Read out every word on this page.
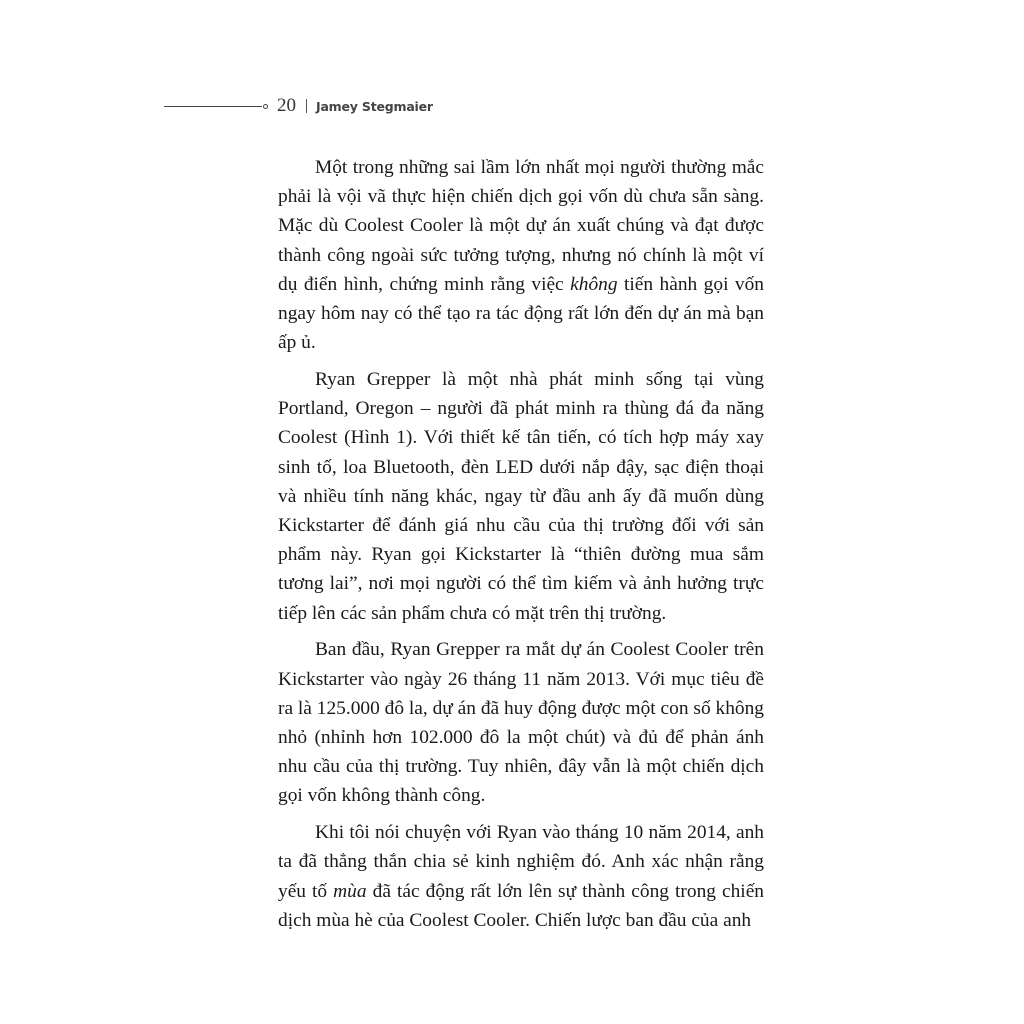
20 Jamey Stegmaier

Một trong những sai lầm lớn nhất mọi người thường mắc phải là vội vã thực hiện chiến dịch gọi vốn dù chưa sẵn sàng. Mặc dù Coolest Cooler là một dự án xuất chúng và đạt được thành công ngoài sức tưởng tượng, nhưng nó chính là một ví dụ điển hình, chứng minh rằng việc không tiến hành gọi vốn ngay hôm nay có thể tạo ra tác động rất lớn đến dự án mà bạn ấp ủ.

Ryan Grepper là một nhà phát minh sống tại vùng Portland, Oregon – người đã phát minh ra thùng đá đa năng Coolest (Hình 1). Với thiết kế tân tiến, có tích hợp máy xay sinh tố, loa Bluetooth, đèn LED dưới nắp đậy, sạc điện thoại và nhiều tính năng khác, ngay từ đầu anh ấy đã muốn dùng Kickstarter để đánh giá nhu cầu của thị trường đối với sản phẩm này. Ryan gọi Kickstarter là “thiên đường mua sắm tương lai”, nơi mọi người có thể tìm kiếm và ảnh hưởng trực tiếp lên các sản phẩm chưa có mặt trên thị trường.

Ban đầu, Ryan Grepper ra mắt dự án Coolest Cooler trên Kickstarter vào ngày 26 tháng 11 năm 2013. Với mục tiêu đề ra là 125.000 đô la, dự án đã huy động được một con số không nhỏ (nhỉnh hơn 102.000 đô la một chút) và đủ để phản ánh nhu cầu của thị trường. Tuy nhiên, đây vẫn là một chiến dịch gọi vốn không thành công.

Khi tôi nói chuyện với Ryan vào tháng 10 năm 2014, anh ta đã thẳng thắn chia sẻ kinh nghiệm đó. Anh xác nhận rằng yếu tố mùa đã tác động rất lớn lên sự thành công trong chiến dịch mùa hè của Coolest Cooler. Chiến lược ban đầu của anh
